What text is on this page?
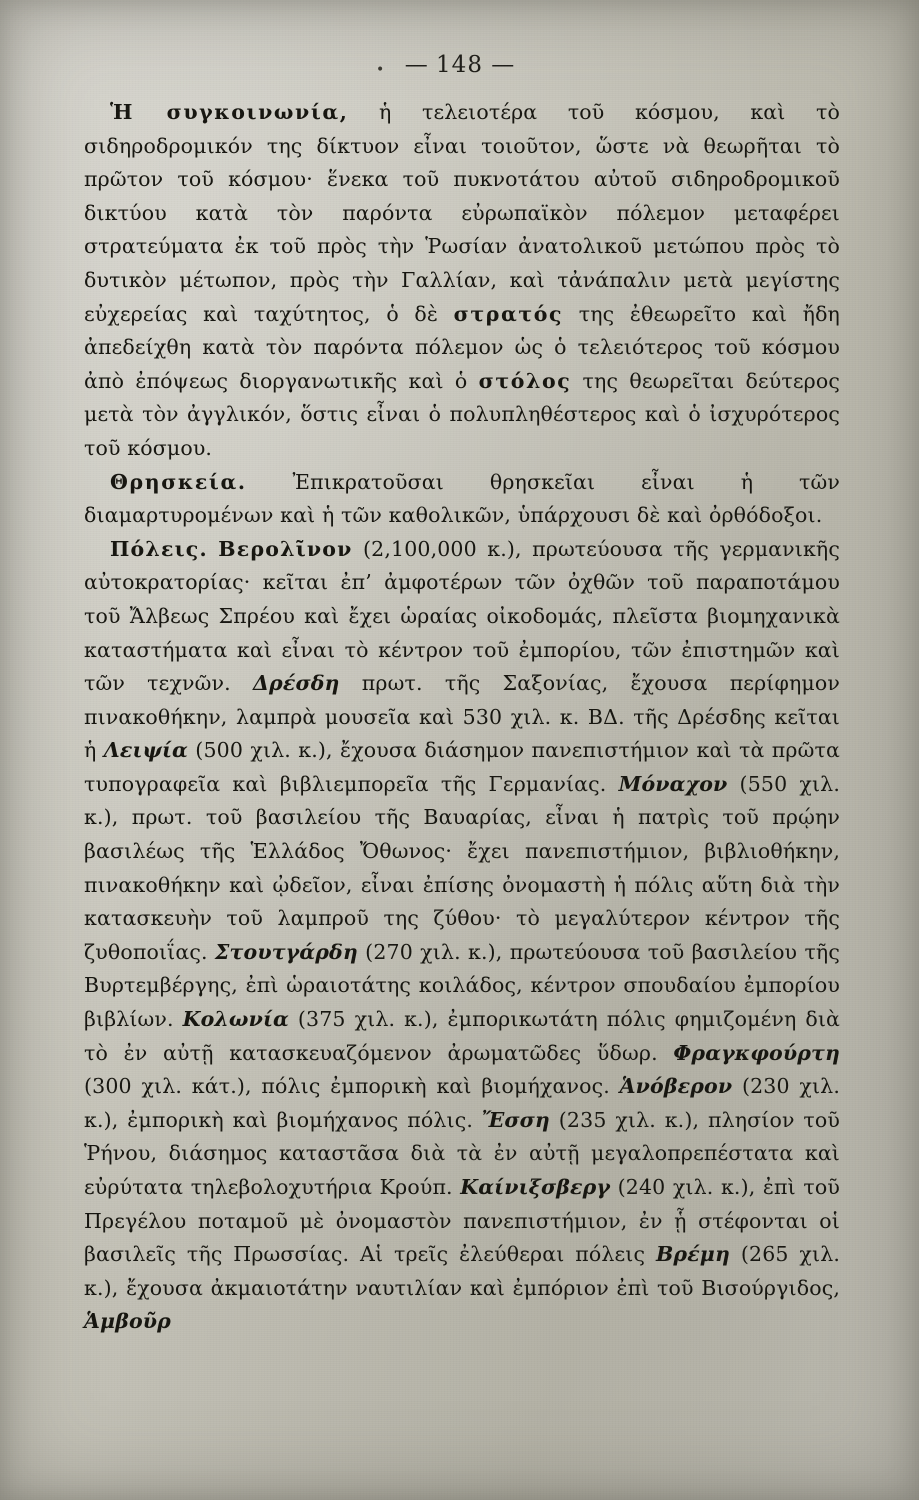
• — 148 —

Ἡ συγκοινωνία, ἡ τελειοτέρα τοῦ κόσμου, καὶ τὸ σιδηροδρομικόν της δίκτυον εἶναι τοιοῦτον, ὥστε νὰ θεωρῆται τὸ πρῶτον τοῦ κόσμου· ἕνεκα τοῦ πυκνοτάτου αὐτοῦ σιδηροδρομικοῦ δικτύου κατὰ τὸν παρόντα εὐρωπαϊκὸν πόλεμον μεταφέρει στρατεύματα ἐκ τοῦ πρὸς τὴν Ῥωσίαν ἀνατολικοῦ μετώπου πρὸς τὸ δυτικὸν μέτωπον, πρὸς τὴν Γαλλίαν, καὶ τἀνάπαλιν μετὰ μεγίστης εὐχερείας καὶ ταχύτητος, ὁ δὲ στρατός της ἐθεωρεῖτο καὶ ἤδη ἀπεδείχθη κατὰ τὸν παρόντα πόλεμον ὡς ὁ τελειότερος τοῦ κόσμου ἀπὸ ἐπόψεως διοργανωτικῆς καὶ ὁ στόλος της θεωρεῖται δεύτερος μετὰ τὸν ἀγγλικόν, ὅστις εἶναι ὁ πολυπληθέστερος καὶ ὁ ἰσχυρότερος τοῦ κόσμου.

Θρησκεία. Ἐπικρατοῦσαι θρησκεῖαι εἶναι ἡ τῶν διαμαρτυρομένων καὶ ἡ τῶν καθολικῶν, ὑπάρχουσι δὲ καὶ ὀρθόδοξοι.

Πόλεις. Βερολῖνον (2,100,000 κ.), πρωτεύουσα τῆς γερμανικῆς αὐτοκρατορίας· κεῖται ἐπ’ ἀμφοτέρων τῶν ὀχθῶν τοῦ παραποτάμου τοῦ Ἄλβεως Σπρέου καὶ ἔχει ὡραίας οἰκοδομάς, πλεῖστα βιομηχανικὰ καταστήματα καὶ εἶναι τὸ κέντρον τοῦ ἐμπορίου, τῶν ἐπιστημῶν καὶ τῶν τεχνῶν. Δρέσδη πρωτ. τῆς Σαξονίας, ἔχουσα περίφημον πινακοθήκην, λαμπρὰ μουσεῖα καὶ 530 χιλ. κ. ΒΔ. τῆς Δρέσδης κεῖται ἡ Λειψία (500 χιλ. κ.), ἔχουσα διάσημον πανεπιστήμιον καὶ τὰ πρῶτα τυπογραφεῖα καὶ βιβλιεμπορεῖα τῆς Γερμανίας. Μόναχον (550 χιλ. κ.), πρωτ. τοῦ βασιλείου τῆς Βαυαρίας, εἶναι ἡ πατρὶς τοῦ πρῴην βασιλέως τῆς Ἑλλάδος Ὄθωνος· ἔχει πανεπιστήμιον, βιβλιοθήκην, πινακοθήκην καὶ ᾠδεῖον, εἶναι ἐπίσης ὀνομαστὴ ἡ πόλις αὕτη διὰ τὴν κατασκευὴν τοῦ λαμπροῦ της ζύθου· τὸ μεγαλύτερον κέντρον τῆς ζυθοποιΐας. Στουτγάρδη (270 χιλ. κ.), πρωτεύουσα τοῦ βασιλείου τῆς Βυρτεμβέργης, ἐπὶ ὡραιοτάτης κοιλάδος, κέντρον σπουδαίου ἐμπορίου βιβλίων. Κολωνία (375 χιλ. κ.), ἐμπορικωτάτη πόλις φημιζομένη διὰ τὸ ἐν αὐτῇ κατασκευαζόμενον ἀρωματῶδες ὕδωρ. Φραγκφούρτη (300 χιλ. κάτ.), πόλις ἐμπορικὴ καὶ βιομήχανος. Ἁνόβερον (230 χιλ. κ.), ἐμπορικὴ καὶ βιομήχανος πόλις. Ἔσση (235 χιλ. κ.), πλησίον τοῦ Ῥήνου, διάσημος καταστᾶσα διὰ τὰ ἐν αὐτῇ μεγαλοπρεπέστατα καὶ εὐρύτατα τηλεβολοχυτήρια Κρούπ. Καίνιξσβεργ (240 χιλ. κ.), ἐπὶ τοῦ Πρεγέλου ποταμοῦ μὲ ὀνομαστὸν πανεπιστήμιον, ἐν ᾗ στέφονται οἱ βασιλεῖς τῆς Πρωσσίας. Αἱ τρεῖς ἐλεύθεραι πόλεις Βρέμη (265 χιλ. κ.), ἔχουσα ἀκμαιοτάτην ναυτιλίαν καὶ ἐμπόριον ἐπὶ τοῦ Βισούργιδος, Ἁμβοῦρ
